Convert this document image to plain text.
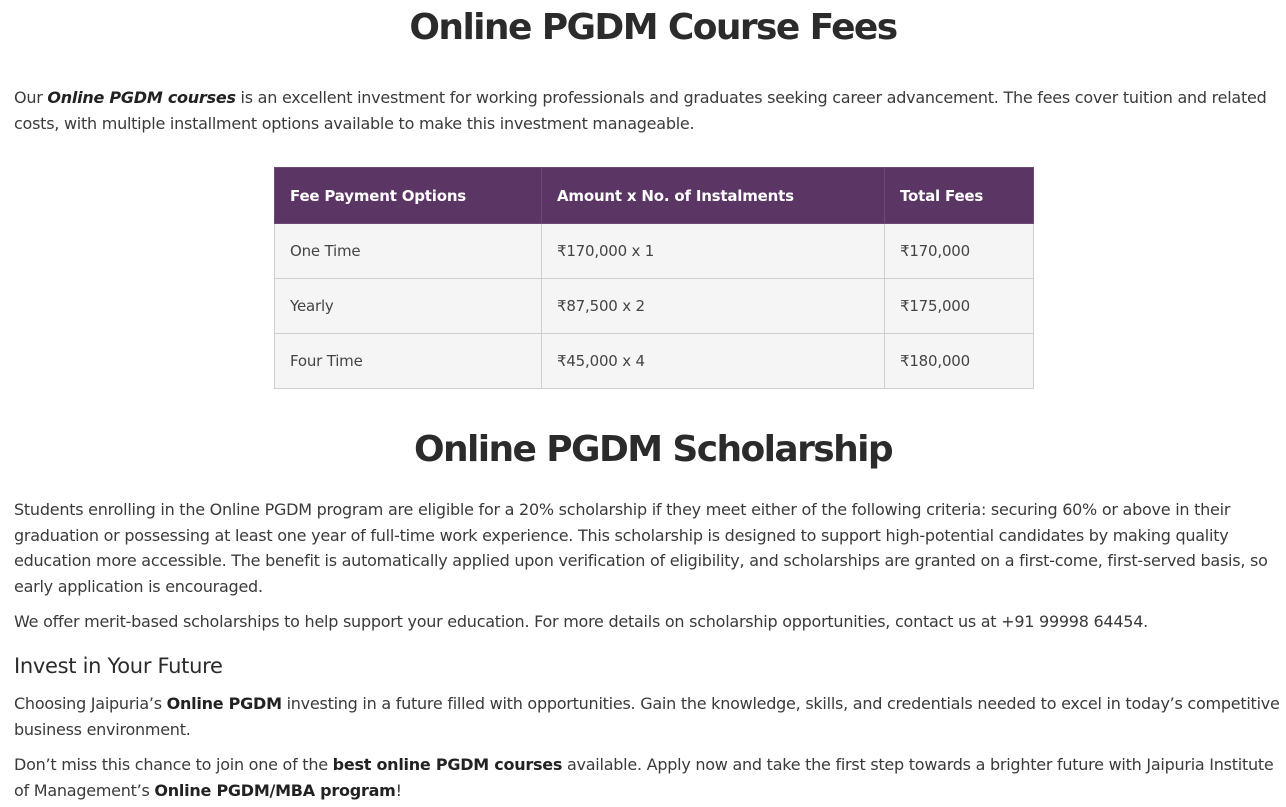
Online PGDM Course Fees

Our Online PGDM courses is an excellent investment for working professionals and graduates seeking career advancement. The fees cover tuition and related costs, with multiple installment options available to make this investment manageable.

Fee Payment Options	Amount x No. of Instalments	Total Fees
One Time	₹170,000 x 1	₹170,000
Yearly	₹87,500 x 2	₹175,000
Four Time	₹45,000 x 4	₹180,000
Online PGDM Scholarship

Students enrolling in the Online PGDM program are eligible for a 20% scholarship if they meet either of the following criteria: securing 60% or above in their graduation or possessing at least one year of full-time work experience. This scholarship is designed to support high-potential candidates by making quality education more accessible. The benefit is automatically applied upon verification of eligibility, and scholarships are granted on a first-come, first-served basis, so early application is encouraged.

We offer merit-based scholarships to help support your education. For more details on scholarship opportunities, contact us at +91 99998 64454.

Invest in Your Future

Choosing Jaipuria’s Online PGDM investing in a future filled with opportunities. Gain the knowledge, skills, and credentials needed to excel in today’s competitive business environment.

Don’t miss this chance to join one of the best online PGDM courses available. Apply now and take the first step towards a brighter future with Jaipuria Institute of Management’s Online PGDM/MBA program!
